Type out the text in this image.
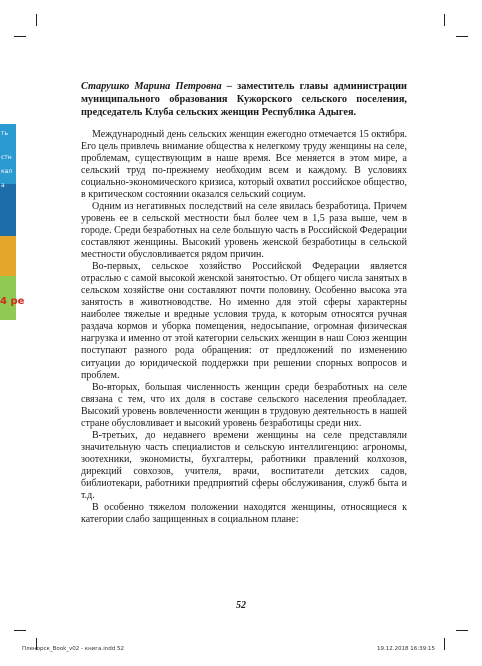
ть
стн
кал
а
4 ре

Старушко Марина Петровна – заместитель главы администрации муниципального образования Кужорского сельского поселения, председатель Клуба сельских женщин Республика Адыгея.

Международный день сельских женщин ежегодно отмечается 15 октября. Его цель привлечь внимание общества к нелегкому труду женщины на селе, проблемам, существующим в наше время. Все меняется в этом мире, а сельский труд по-прежнему необходим всем и каждому. В условиях социально-экономического кризиса, который охватил российское общество, в критическом состоянии оказался сельский социум.

Одним из негативных последствий на селе явилась безработица. Причем уровень ее в сельской местности был более чем в 1,5 раза выше, чем в городе. Среди безработных на селе большую часть в Российской Федерации составляют женщины. Высокий уровень женской безработицы в сельской местности обусловливается рядом причин.

Во-первых, сельское хозяйство Российской Федерации является отраслью с самой высокой женской занятостью. От общего числа занятых в сельском хозяйстве они составляют почти половину. Особенно высока эта занятость в животноводстве. Но именно для этой сферы характерны наиболее тяжелые и вредные условия труда, к которым относятся ручная раздача кормов и уборка помещения, недосыпание, огромная физическая нагрузка и именно от этой категории сельских женщин в наш Союз женщин поступают разного рода обращения: от предложений по изменению ситуации до юридической поддержки при решении спорных вопросов и проблем.

Во-вторых, большая численность женщин среди безработных на селе связана с тем, что их доля в составе сельского населения преобладает. Высокий уровень вовлеченности женщин в трудовую деятельность в нашей стране обусловливает и высокий уровень безработицы среди них.

В-третьих, до недавнего времени женщины на селе представляли значительную часть специалистов и сельскую интеллигенцию: агрономы, зоотехники, экономисты, бухгалтеры, работники правлений колхозов, дирекций совхозов, учителя, врачи, воспитатели детских садов, библиотекари, работники предприятий сферы обслуживания, служб быта и т.д.

В особенно тяжелом положении находятся женщины, относящиеся к категории слабо защищенных в социальном плане:

52
Пленорск_Book_v02 - книга.indd 52	19.12.2018 16:39:15
